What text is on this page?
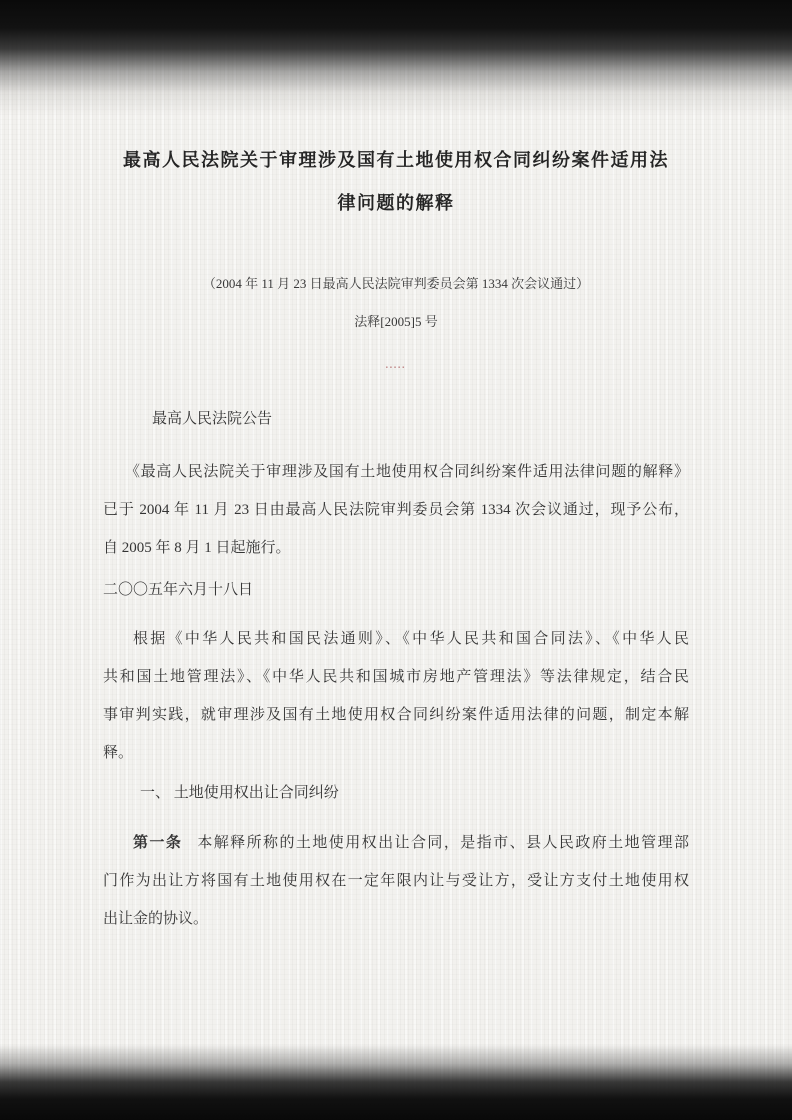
最高人民法院关于审理涉及国有土地使用权合同纠纷案件适用法
律问题的解释
（2004 年 11 月 23 日最高人民法院审判委员会第 1334 次会议通过）
法释[2005]5 号
▪▪▪▪▪
最高人民法院公告
《最高人民法院关于审理涉及国有土地使用权合同纠纷案件适用法律问题的解释》
已于 2004 年 11 月 23 日由最高人民法院审判委员会第 1334 次会议通过，现予公布，
自 2005 年 8 月 1 日起施行。
二〇〇五年六月十八日
根据《中华人民共和国民法通则》、《中华人民共和国合同法》、《中华人民
共和国土地管理法》、《中华人民共和国城市房地产管理法》等法律规定，结合民
事审判实践，就审理涉及国有土地使用权合同纠纷案件适用法律的问题，制定本解
释。
一、 土地使用权出让合同纠纷
第一条 本解释所称的土地使用权出让合同，是指市、县人民政府土地管理部
门作为出让方将国有土地使用权在一定年限内让与受让方，受让方支付土地使用权
出让金的协议。
